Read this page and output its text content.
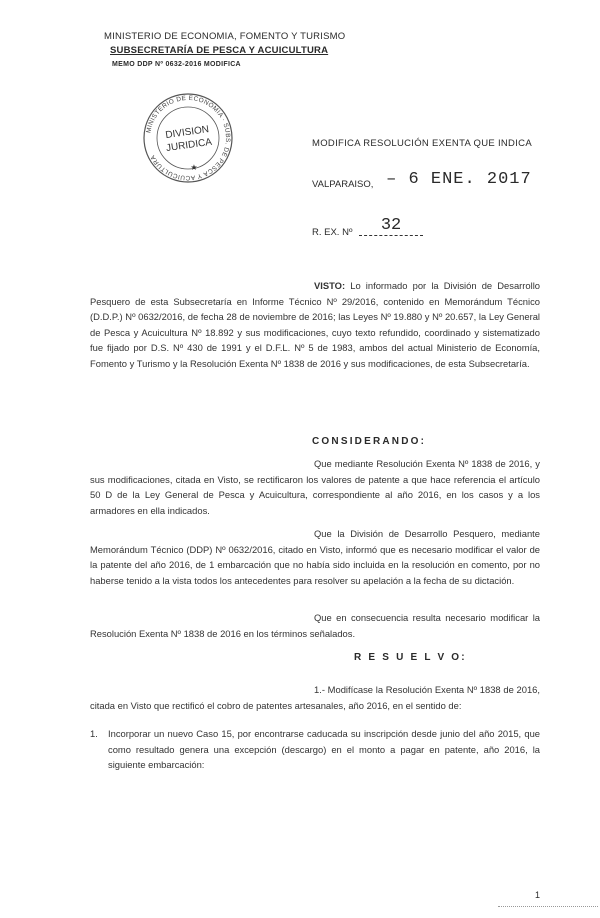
MINISTERIO DE ECONOMIA, FOMENTO Y TURISMO
SUBSECRETARÍA DE PESCA Y ACUICULTURA
MEMO DDP Nº 0632-2016 MODIFICA
MINISTERIO DE ECONOMIA · SUBS. DE PESCA Y ACUICULTURA
DIVISION
JURIDICA
★
MODIFICA RESOLUCIÓN EXENTA QUE INDICA
VALPARAISO, – 6 ENE. 2017
R. EX. Nº 32
VISTO: Lo informado por la División de Desarrollo Pesquero de esta Subsecretaría en Informe Técnico Nº 29/2016, contenido en Memorándum Técnico (D.D.P.) Nº 0632/2016, de fecha 28 de noviembre de 2016; las Leyes Nº 19.880 y Nº 20.657, la Ley General de Pesca y Acuicultura Nº 18.892 y sus modificaciones, cuyo texto refundido, coordinado y sistematizado fue fijado por D.S. Nº 430 de 1991 y el D.F.L. Nº 5 de 1983, ambos del actual Ministerio de Economía, Fomento y Turismo y la Resolución Exenta Nº 1838 de 2016 y sus modificaciones, de esta Subsecretaría.
CONSIDERANDO:
Que mediante Resolución Exenta Nº 1838 de 2016, y sus modificaciones, citada en Visto, se rectificaron los valores de patente a que hace referencia el artículo 50 D de la Ley General de Pesca y Acuicultura, correspondiente al año 2016, en los casos y a los armadores en ella indicados.
Que la División de Desarrollo Pesquero, mediante Memorándum Técnico (DDP) Nº 0632/2016, citado en Visto, informó que es necesario modificar el valor de la patente del año 2016, de 1 embarcación que no había sido incluida en la resolución en comento, por no haberse tenido a la vista todos los antecedentes para resolver su apelación a la fecha de su dictación.
Que en consecuencia resulta necesario modificar la Resolución Exenta Nº 1838 de 2016 en los términos señalados.
R E S U E L V O:
1.- Modifícase la Resolución Exenta Nº 1838 de 2016, citada en Visto que rectificó el cobro de patentes artesanales, año 2016, en el sentido de:
1. Incorporar un nuevo Caso 15, por encontrarse caducada su inscripción desde junio del año 2015, que como resultado genera una excepción (descargo) en el monto a pagar en patente, año 2016, la siguiente embarcación:
1
